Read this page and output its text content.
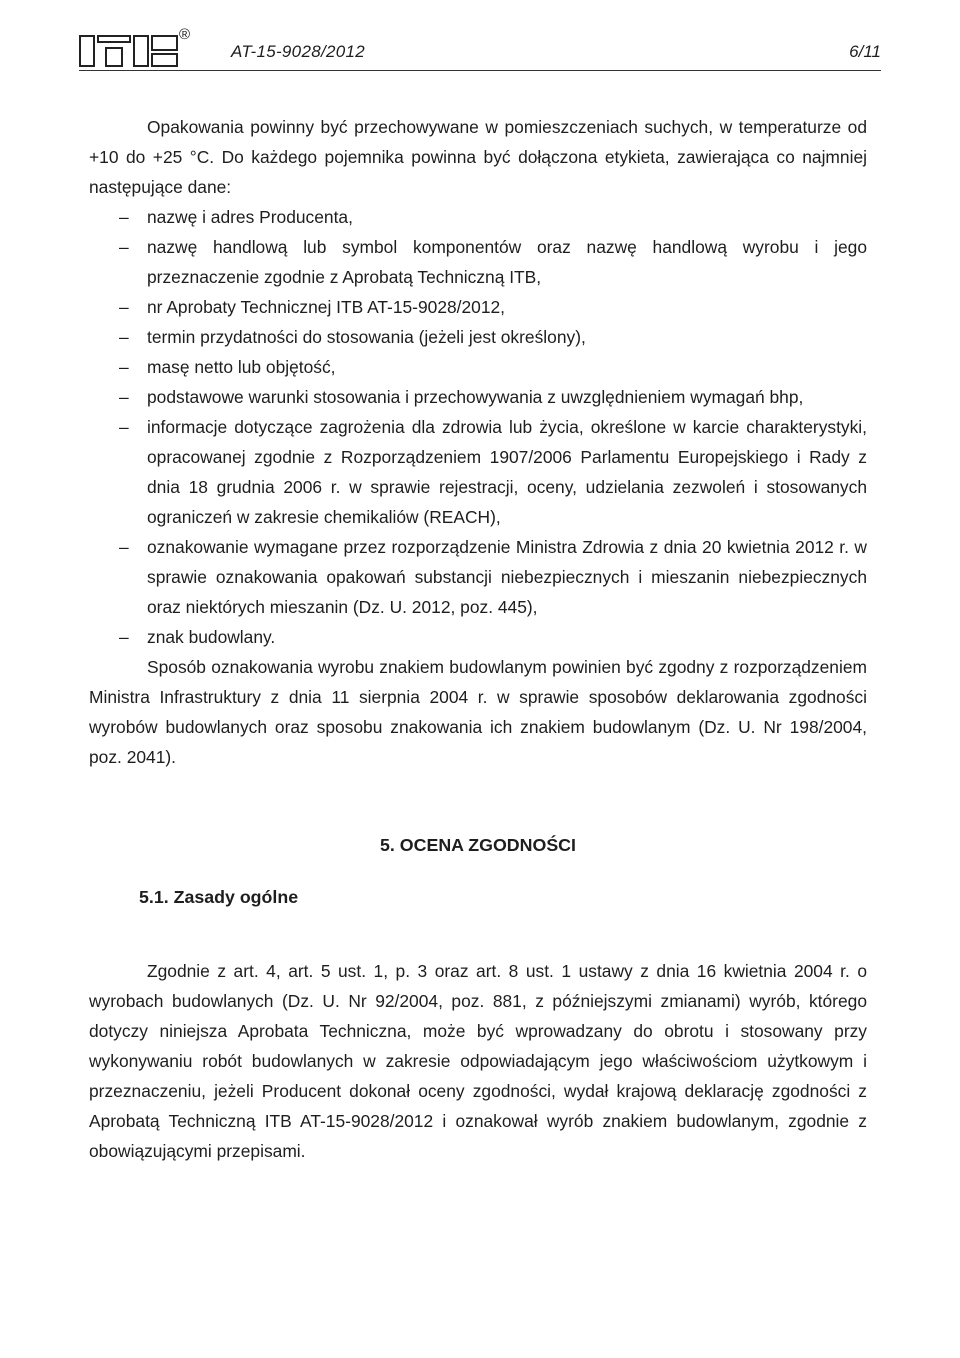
®
AT-15-9028/2012	6/11

Opakowania powinny być przechowywane w pomieszczeniach suchych, w temperaturze od +10 do +25 °C. Do każdego pojemnika powinna być dołączona etykieta, zawierająca co najmniej następujące dane:

– nazwę i adres Producenta,
– nazwę handlową lub symbol komponentów oraz nazwę handlową wyrobu i jego przeznaczenie zgodnie z Aprobatą Techniczną ITB,
– nr Aprobaty Technicznej ITB AT-15-9028/2012,
– termin przydatności do stosowania (jeżeli jest określony),
– masę netto lub objętość,
– podstawowe warunki stosowania i przechowywania z uwzględnieniem wymagań bhp,
– informacje dotyczące zagrożenia dla zdrowia lub życia, określone w karcie charakterystyki, opracowanej zgodnie z Rozporządzeniem 1907/2006 Parlamentu Europejskiego i Rady z dnia 18 grudnia 2006 r. w sprawie rejestracji, oceny, udzielania zezwoleń i stosowanych ograniczeń w zakresie chemikaliów (REACH),
– oznakowanie wymagane przez rozporządzenie Ministra Zdrowia z dnia 20 kwietnia 2012 r. w sprawie oznakowania opakowań substancji niebezpiecznych i mieszanin niebezpiecznych oraz niektórych mieszanin (Dz. U. 2012, poz. 445),
– znak budowlany.

Sposób oznakowania wyrobu znakiem budowlanym powinien być zgodny z rozporządzeniem Ministra Infrastruktury z dnia 11 sierpnia 2004 r. w sprawie sposobów deklarowania zgodności wyrobów budowlanych oraz sposobu znakowania ich znakiem budowlanym (Dz. U. Nr 198/2004, poz. 2041).

5. OCENA ZGODNOŚCI

5.1. Zasady ogólne

Zgodnie z art. 4, art. 5 ust. 1, p. 3 oraz art. 8 ust. 1 ustawy z dnia 16 kwietnia 2004 r. o wyrobach budowlanych (Dz. U. Nr 92/2004, poz. 881, z późniejszymi zmianami) wyrób, którego dotyczy niniejsza Aprobata Techniczna, może być wprowadzany do obrotu i stosowany przy wykonywaniu robót budowlanych w zakresie odpowiadającym jego właściwościom użytkowym i przeznaczeniu, jeżeli Producent dokonał oceny zgodności, wydał krajową deklarację zgodności z Aprobatą Techniczną ITB AT-15-9028/2012 i oznakował wyrób znakiem budowlanym, zgodnie z obowiązującymi przepisami.
